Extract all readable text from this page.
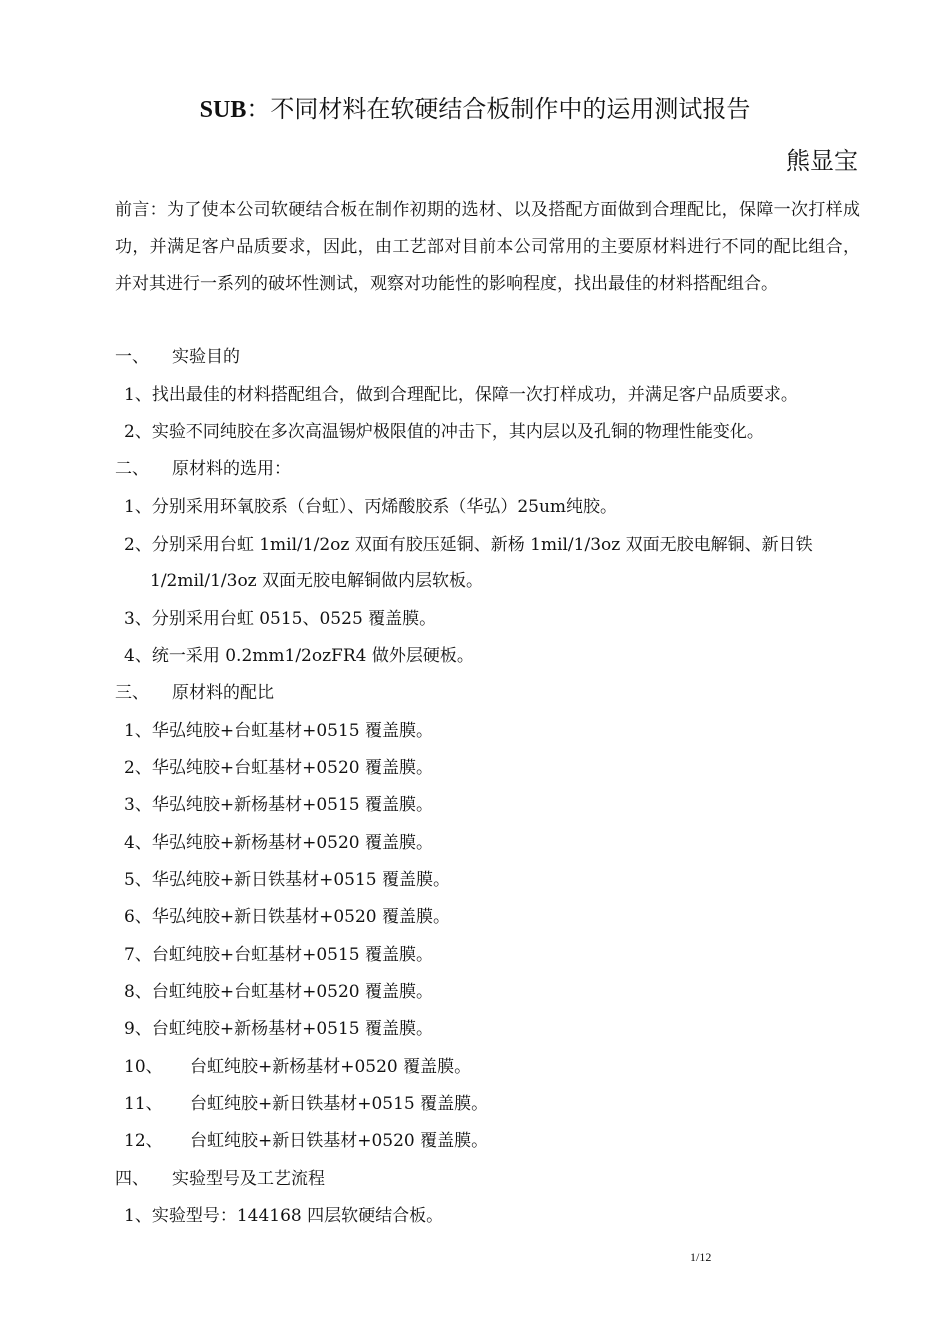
SUB：不同材料在软硬结合板制作中的运用测试报告
熊显宝
前言：为了使本公司软硬结合板在制作初期的选材、以及搭配方面做到合理配比，保障一次打样成功，并满足客户品质要求，因此，由工艺部对目前本公司常用的主要原材料进行不同的配比组合，并对其进行一系列的破坏性测试，观察对功能性的影响程度，找出最佳的材料搭配组合。
一、 实验目的
1、找出最佳的材料搭配组合，做到合理配比，保障一次打样成功，并满足客户品质要求。
2、实验不同纯胶在多次高温锡炉极限值的冲击下，其内层以及孔铜的物理性能变化。
二、 原材料的选用：
1、分别采用环氧胶系（台虹）、丙烯酸胶系（华弘）25um纯胶。
2、分别采用台虹 1mil/1/2oz 双面有胶压延铜、新杨 1mil/1/3oz 双面无胶电解铜、新日铁
1/2mil/1/3oz 双面无胶电解铜做内层软板。
3、分别采用台虹 0515、0525 覆盖膜。
4、统一采用 0.2mm1/2ozFR4 做外层硬板。
三、 原材料的配比
1、华弘纯胶+台虹基材+0515 覆盖膜。
2、华弘纯胶+台虹基材+0520 覆盖膜。
3、华弘纯胶+新杨基材+0515 覆盖膜。
4、华弘纯胶+新杨基材+0520 覆盖膜。
5、华弘纯胶+新日铁基材+0515 覆盖膜。
6、华弘纯胶+新日铁基材+0520 覆盖膜。
7、台虹纯胶+台虹基材+0515 覆盖膜。
8、台虹纯胶+台虹基材+0520 覆盖膜。
9、台虹纯胶+新杨基材+0515 覆盖膜。
10、 台虹纯胶+新杨基材+0520 覆盖膜。
11、 台虹纯胶+新日铁基材+0515 覆盖膜。
12、 台虹纯胶+新日铁基材+0520 覆盖膜。
四、 实验型号及工艺流程
1、实验型号：144168 四层软硬结合板。
1/12
